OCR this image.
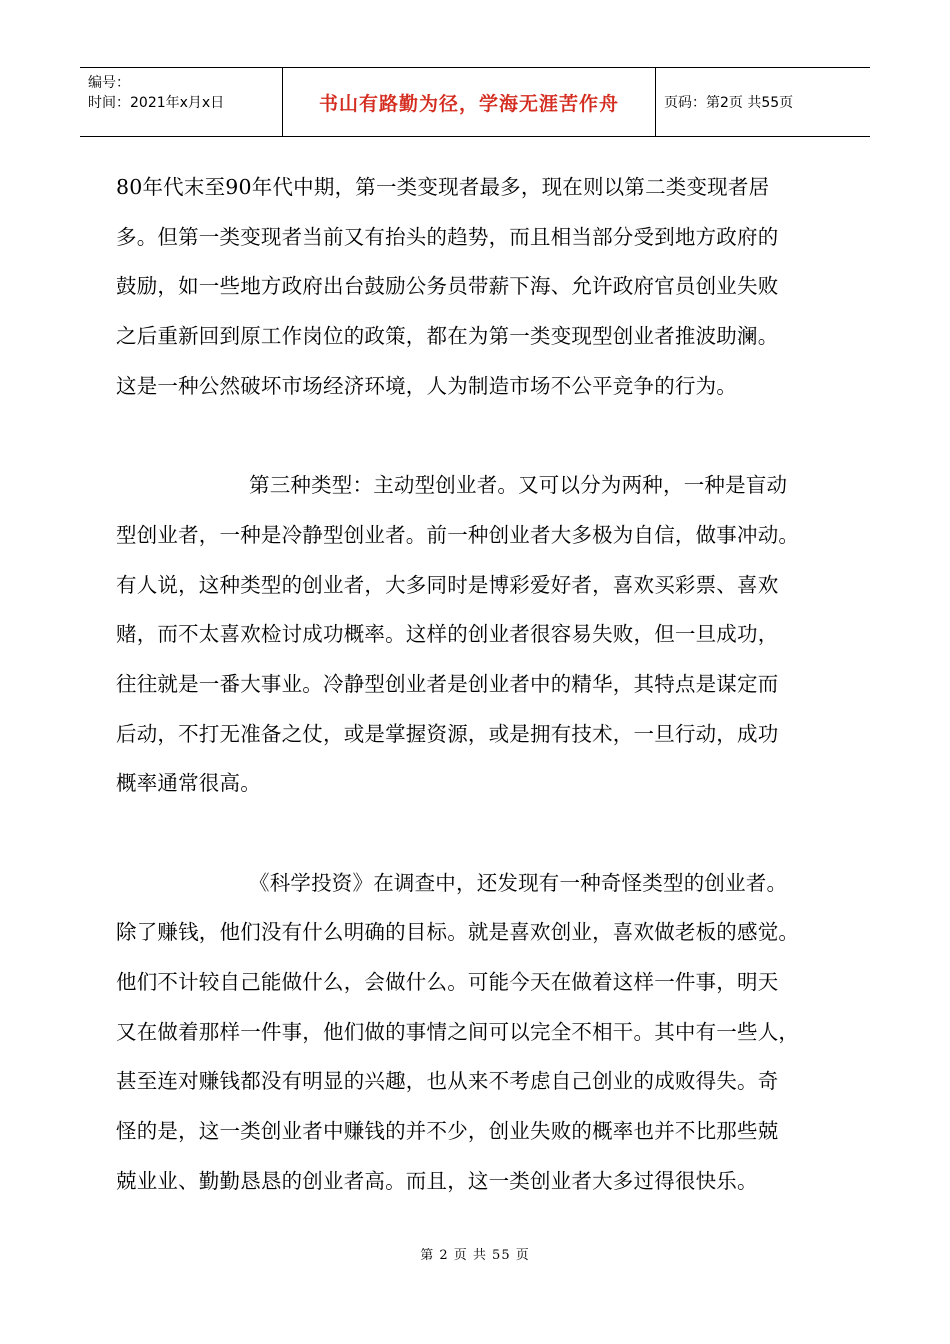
编号：
时间：2021年x月x日	书山有路勤为径，学海无涯苦作舟	页码：第2页 共55页
80年代末至90年代中期，第一类变现者最多，现在则以第二类变现者居
多。但第一类变现者当前又有抬头的趋势，而且相当部分受到地方政府的
鼓励，如一些地方政府出台鼓励公务员带薪下海、允许政府官员创业失败
之后重新回到原工作岗位的政策，都在为第一类变现型创业者推波助澜。
这是一种公然破坏市场经济环境，人为制造市场不公平竞争的行为。
第三种类型：主动型创业者。又可以分为两种，一种是盲动
型创业者，一种是冷静型创业者。前一种创业者大多极为自信，做事冲动。
有人说，这种类型的创业者，大多同时是博彩爱好者，喜欢买彩票、喜欢
赌，而不太喜欢检讨成功概率。这样的创业者很容易失败，但一旦成功，
往往就是一番大事业。冷静型创业者是创业者中的精华，其特点是谋定而
后动，不打无准备之仗，或是掌握资源，或是拥有技术，一旦行动，成功
概率通常很高。
《科学投资》在调查中，还发现有一种奇怪类型的创业者。
除了赚钱，他们没有什么明确的目标。就是喜欢创业，喜欢做老板的感觉。
他们不计较自己能做什么，会做什么。可能今天在做着这样一件事，明天
又在做着那样一件事，他们做的事情之间可以完全不相干。其中有一些人，
甚至连对赚钱都没有明显的兴趣，也从来不考虑自己创业的成败得失。奇
怪的是，这一类创业者中赚钱的并不少，创业失败的概率也并不比那些兢
兢业业、勤勤恳恳的创业者高。而且，这一类创业者大多过得很快乐。
第 2 页 共 55 页
